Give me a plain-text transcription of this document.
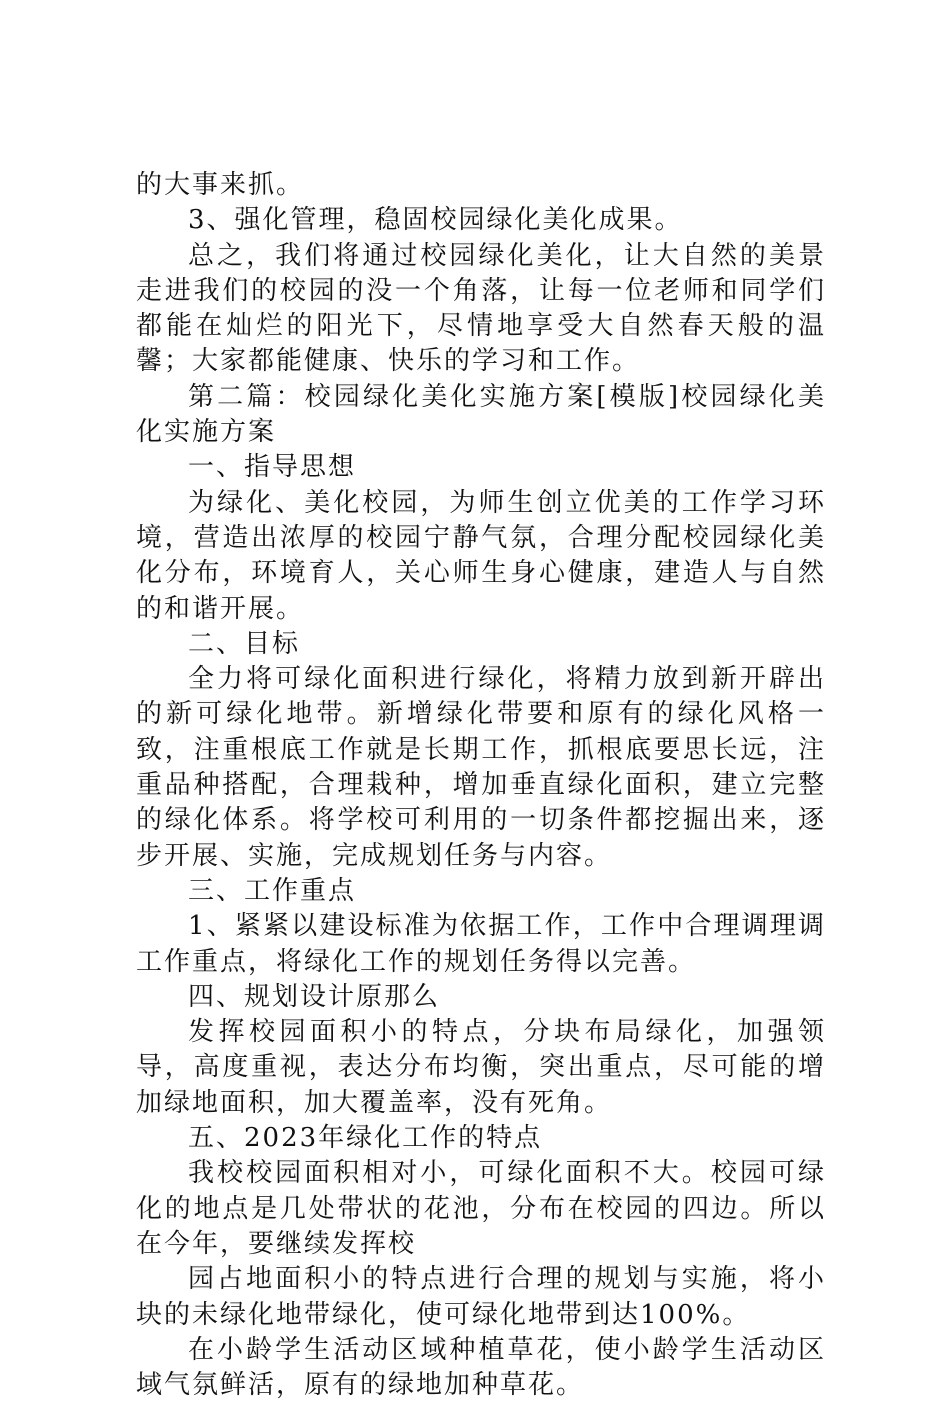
的大事来抓。

3、强化管理，稳固校园绿化美化成果。

总之，我们将通过校园绿化美化，让大自然的美景走进我们的校园的没一个角落，让每一位老师和同学们都能在灿烂的阳光下，尽情地享受大自然春天般的温馨；大家都能健康、快乐的学习和工作。

第二篇：校园绿化美化实施方案[模版]校园绿化美化实施方案

一、指导思想

为绿化、美化校园，为师生创立优美的工作学习环境，营造出浓厚的校园宁静气氛，合理分配校园绿化美化分布，环境育人，关心师生身心健康，建造人与自然的和谐开展。

二、目标

全力将可绿化面积进行绿化，将精力放到新开辟出的新可绿化地带。新增绿化带要和原有的绿化风格一致，注重根底工作就是长期工作，抓根底要思长远，注重品种搭配，合理栽种，增加垂直绿化面积，建立完整的绿化体系。将学校可利用的一切条件都挖掘出来，逐步开展、实施，完成规划任务与内容。

三、工作重点

1、紧紧以建设标准为依据工作，工作中合理调理调工作重点，将绿化工作的规划任务得以完善。

四、规划设计原那么

发挥校园面积小的特点，分块布局绿化，加强领导，高度重视，表达分布均衡，突出重点，尽可能的增加绿地面积，加大覆盖率，没有死角。

五、2023年绿化工作的特点

我校校园面积相对小，可绿化面积不大。校园可绿化的地点是几处带状的花池，分布在校园的四边。所以在今年，要继续发挥校

园占地面积小的特点进行合理的规划与实施，将小块的未绿化地带绿化，使可绿化地带到达100%。

在小龄学生活动区域种植草花，使小龄学生活动区域气氛鲜活，原有的绿地加种草花。
